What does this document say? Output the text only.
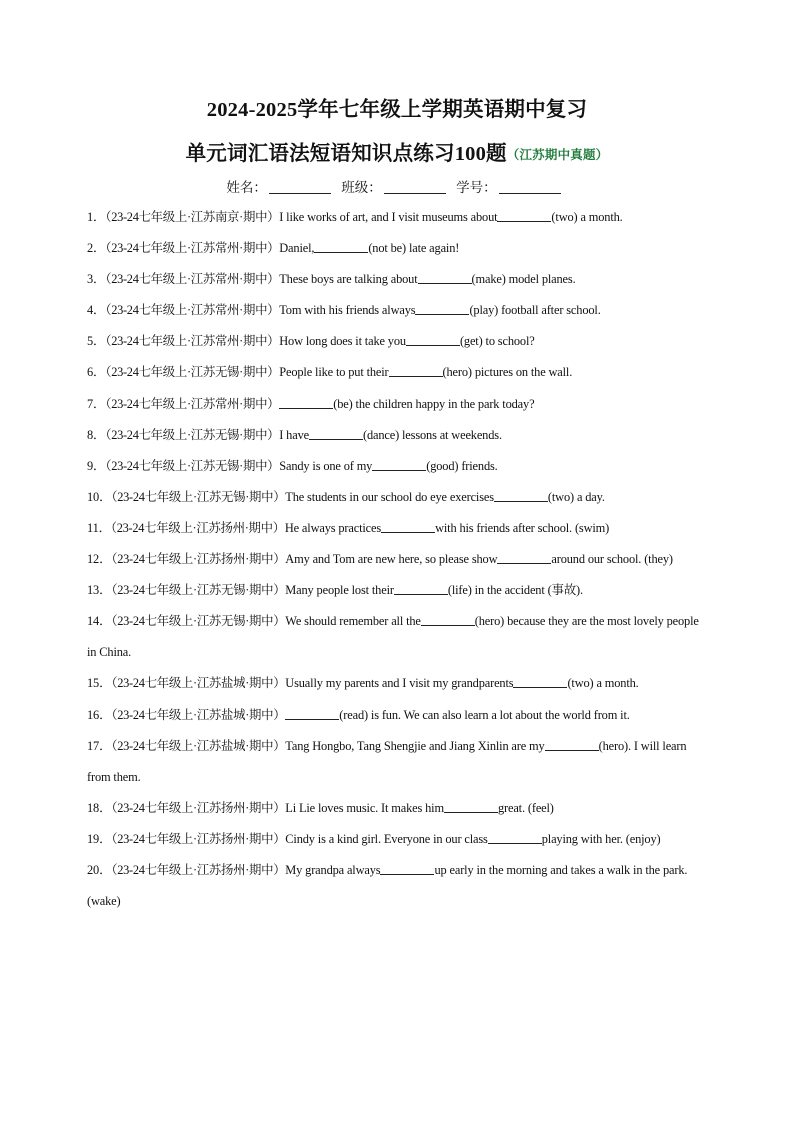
2024-2025学年七年级上学期英语期中复习
单元词汇语法短语知识点练习100题（江苏期中真题）
姓名：	班级：	学号：
1．（23-24七年级上·江苏南京·期中）I like works of art, and I visit museums about	(two) a month.
2．（23-24七年级上·江苏常州·期中）Daniel,	(not be) late again!
3．（23-24七年级上·江苏常州·期中）These boys are talking about	(make) model planes.
4．（23-24七年级上·江苏常州·期中）Tom with his friends always	(play) football after school.
5．（23-24七年级上·江苏常州·期中）How long does it take you	(get) to school?
6．（23-24七年级上·江苏无锡·期中）People like to put their	(hero) pictures on the wall.
7．（23-24七年级上·江苏常州·期中）	(be) the children happy in the park today?
8．（23-24七年级上·江苏无锡·期中）I have	(dance) lessons at weekends.
9．（23-24七年级上·江苏无锡·期中）Sandy is one of my	(good) friends.
10．（23-24七年级上·江苏无锡·期中）The students in our school do eye exercises	(two) a day.
11．（23-24七年级上·江苏扬州·期中）He always practices	with his friends after school. (swim)
12．（23-24七年级上·江苏扬州·期中）Amy and Tom are new here, so please show	around our school. (they)
13．（23-24七年级上·江苏无锡·期中）Many people lost their	(life) in the accident (事故).
14．（23-24七年级上·江苏无锡·期中）We should remember all the	(hero) because they are the most lovely people in China.
15．（23-24七年级上·江苏盐城·期中）Usually my parents and I visit my grandparents	(two) a month.
16．（23-24七年级上·江苏盐城·期中）	(read) is fun. We can also learn a lot about the world from it.
17．（23-24七年级上·江苏盐城·期中）Tang Hongbo, Tang Shengjie and Jiang Xinlin are my	(hero). I will learn from them.
18．（23-24七年级上·江苏扬州·期中）Li Lie loves music. It makes him	great. (feel)
19．（23-24七年级上·江苏扬州·期中）Cindy is a kind girl. Everyone in our class	playing with her. (enjoy)
20．（23-24七年级上·江苏扬州·期中）My grandpa always	up early in the morning and takes a walk in the park. (wake)
